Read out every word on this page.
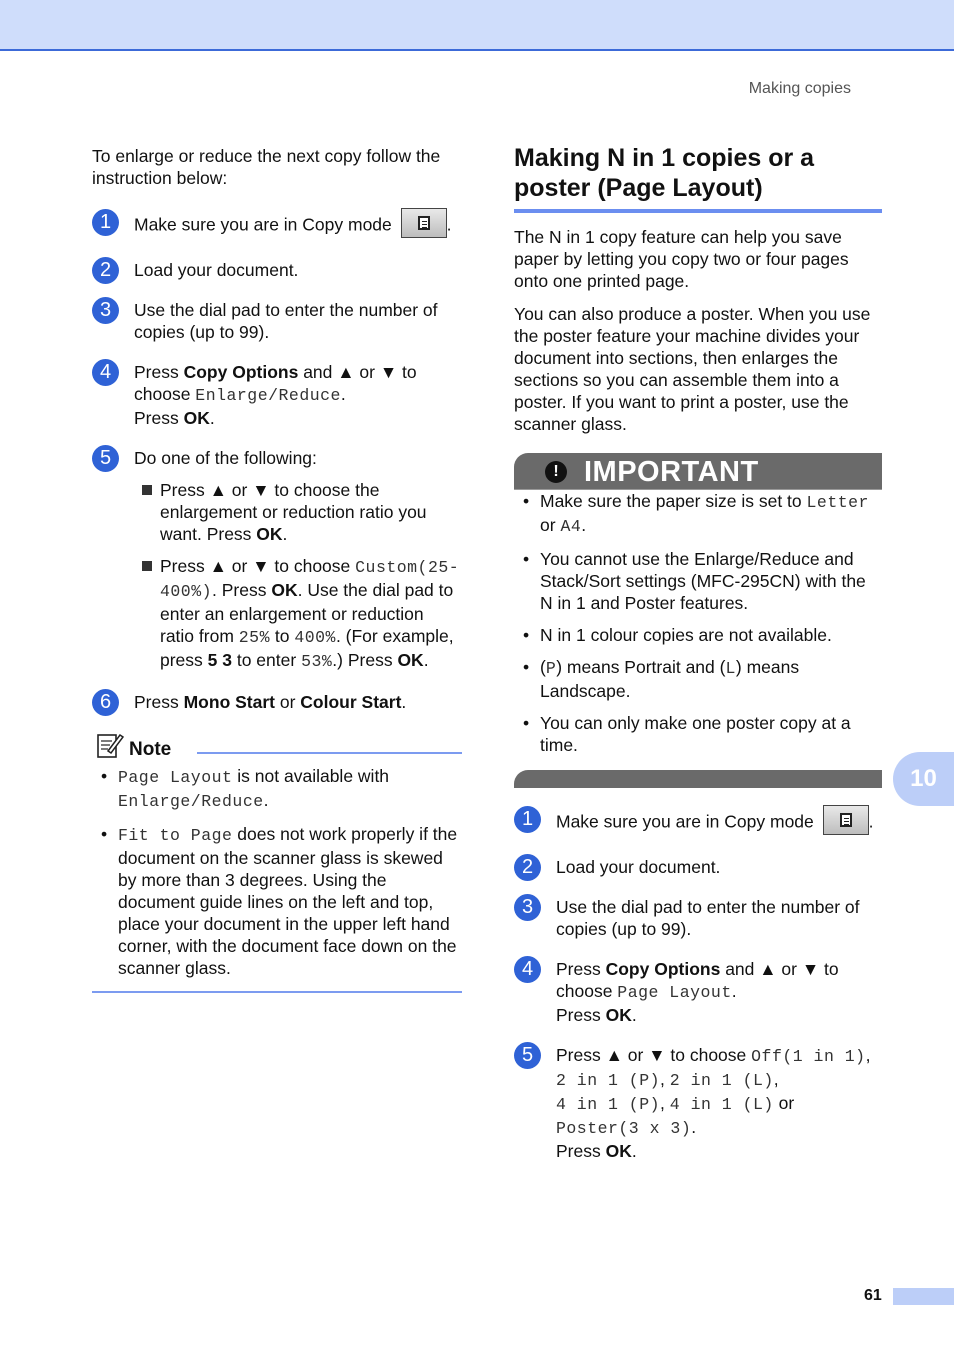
Making copies

To enlarge or reduce the next copy follow the instruction below:

1	Make sure you are in Copy mode	.
2	Load your document.
3	Use the dial pad to enter the number of copies (up to 99).
4	Press Copy Options and ▲ or ▼ to choose Enlarge/Reduce.
Press OK.
5	Do one of the following:
Press ▲ or ▼ to choose the enlargement or reduction ratio you want. Press OK.
Press ▲ or ▼ to choose Custom(25-400%). Press OK. Use the dial pad to enter an enlargement or reduction ratio from 25% to 400%. (For example, press 5 3 to enter 53%.) Press OK.
6	Press Mono Start or Colour Start.
Note
• Page Layout is not available with Enlarge/Reduce.
• Fit to Page does not work properly if the document on the scanner glass is skewed by more than 3 degrees. Using the document guide lines on the left and top, place your document in the upper left hand corner, with the document face down on the scanner glass.
Making N in 1 copies or a poster (Page Layout)

The N in 1 copy feature can help you save paper by letting you copy two or four pages onto one printed page.

You can also produce a poster. When you use the poster feature your machine divides your document into sections, then enlarges the sections so you can assemble them into a poster. If you want to print a poster, use the scanner glass.

! IMPORTANT
• Make sure the paper size is set to Letter or A4.
• You cannot use the Enlarge/Reduce and Stack/Sort settings (MFC-295CN) with the N in 1 and Poster features.
• N in 1 colour copies are not available.
• (P) means Portrait and (L) means Landscape.
• You can only make one poster copy at a time.
1	Make sure you are in Copy mode	.
2	Load your document.
3	Use the dial pad to enter the number of copies (up to 99).
4	Press Copy Options and ▲ or ▼ to choose Page Layout.
Press OK.
5	Press ▲ or ▼ to choose Off(1 in 1),
2 in 1 (P), 2 in 1 (L),
4 in 1 (P), 4 in 1 (L) or
Poster(3 x 3).
Press OK.
10
61
